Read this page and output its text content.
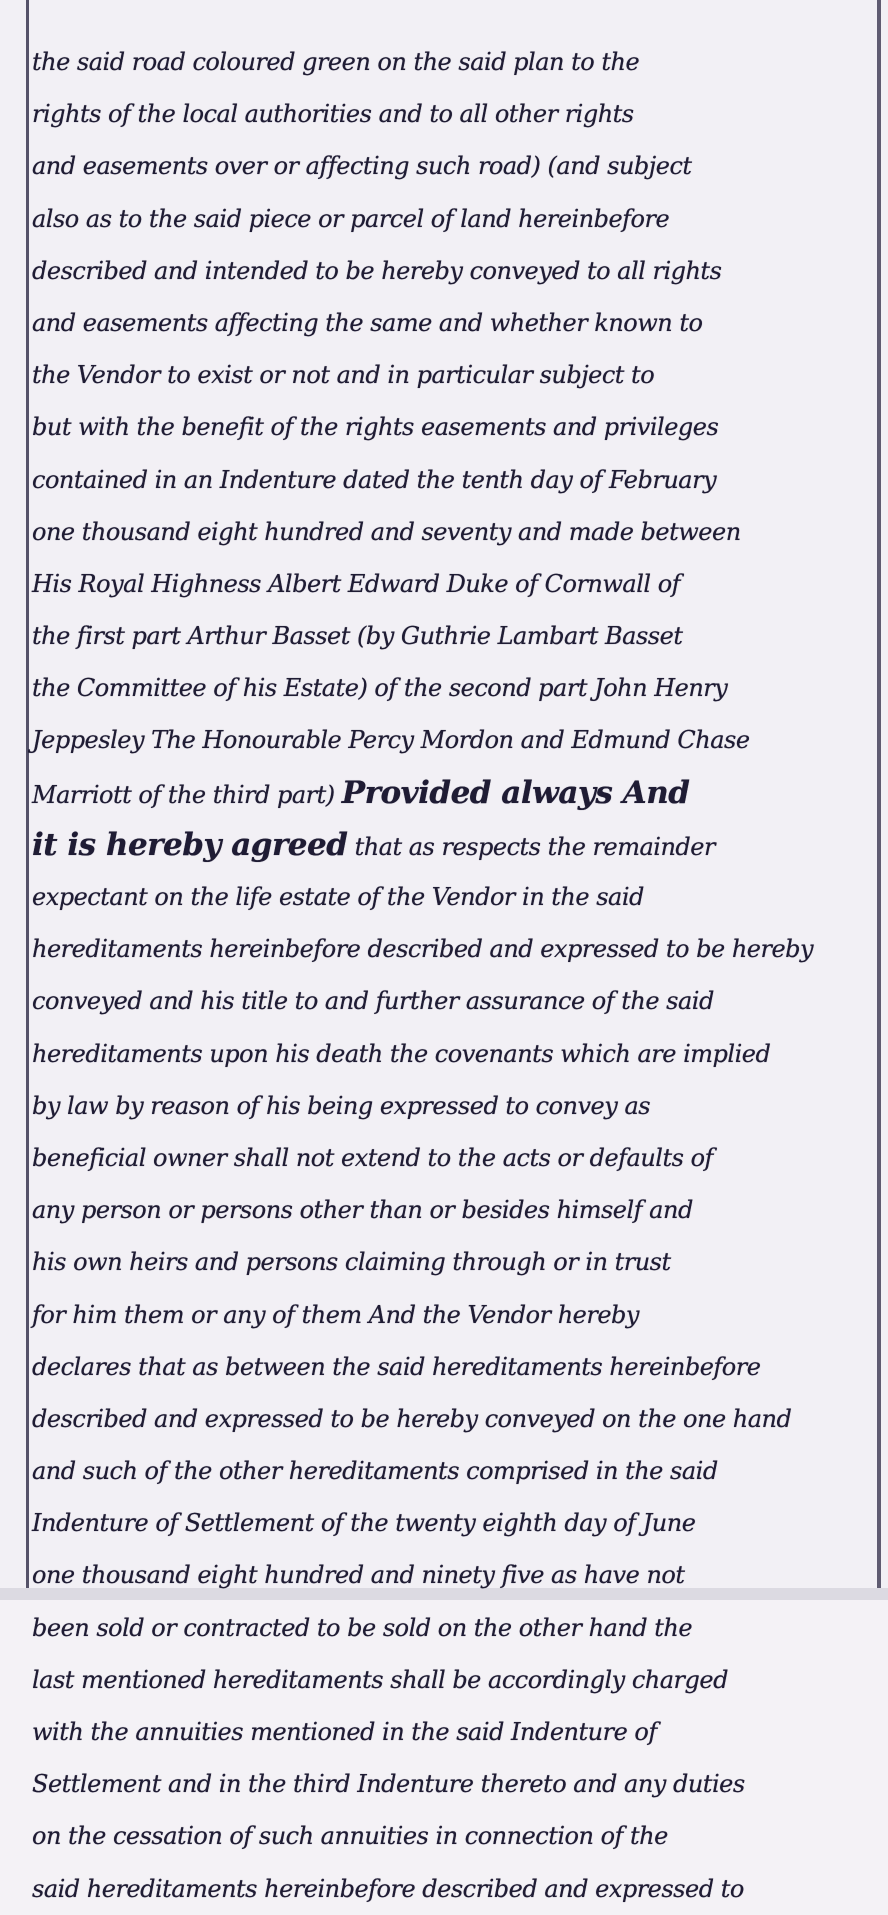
the said road coloured green on the said plan to the
rights of the local authorities and to all other rights
and easements over or affecting such road) (and subject
also as to the said piece or parcel of land hereinbefore
described and intended to be hereby conveyed to all rights
and easements affecting the same and whether known to
the Vendor to exist or not and in particular subject to
but with the benefit of the rights easements and privileges
contained in an Indenture dated the tenth day of February
one thousand eight hundred and seventy and made between
His Royal Highness Albert Edward Duke of Cornwall of
the first part Arthur Basset (by Guthrie Lambart Basset
the Committee of his Estate) of the second part John Henry
Jeppesley The Honourable Percy Mordon and Edmund Chase
Marriott of the third part) Provided always And
it is hereby agreed that as respects the remainder
expectant on the life estate of the Vendor in the said
hereditaments hereinbefore described and expressed to be hereby
conveyed and his title to and further assurance of the said
hereditaments upon his death the covenants which are implied
by law by reason of his being expressed to convey as
beneficial owner shall not extend to the acts or defaults of
any person or persons other than or besides himself and
his own heirs and persons claiming through or in trust
for him them or any of them And the Vendor hereby
declares that as between the said hereditaments hereinbefore
described and expressed to be hereby conveyed on the one hand
and such of the other hereditaments comprised in the said
Indenture of Settlement of the twenty eighth day of June
one thousand eight hundred and ninety five as have not
been sold or contracted to be sold on the other hand the
last mentioned hereditaments shall be accordingly charged
with the annuities mentioned in the said Indenture of
Settlement and in the third Indenture thereto and any duties
on the cessation of such annuities in connection of the
said hereditaments hereinbefore described and expressed to
